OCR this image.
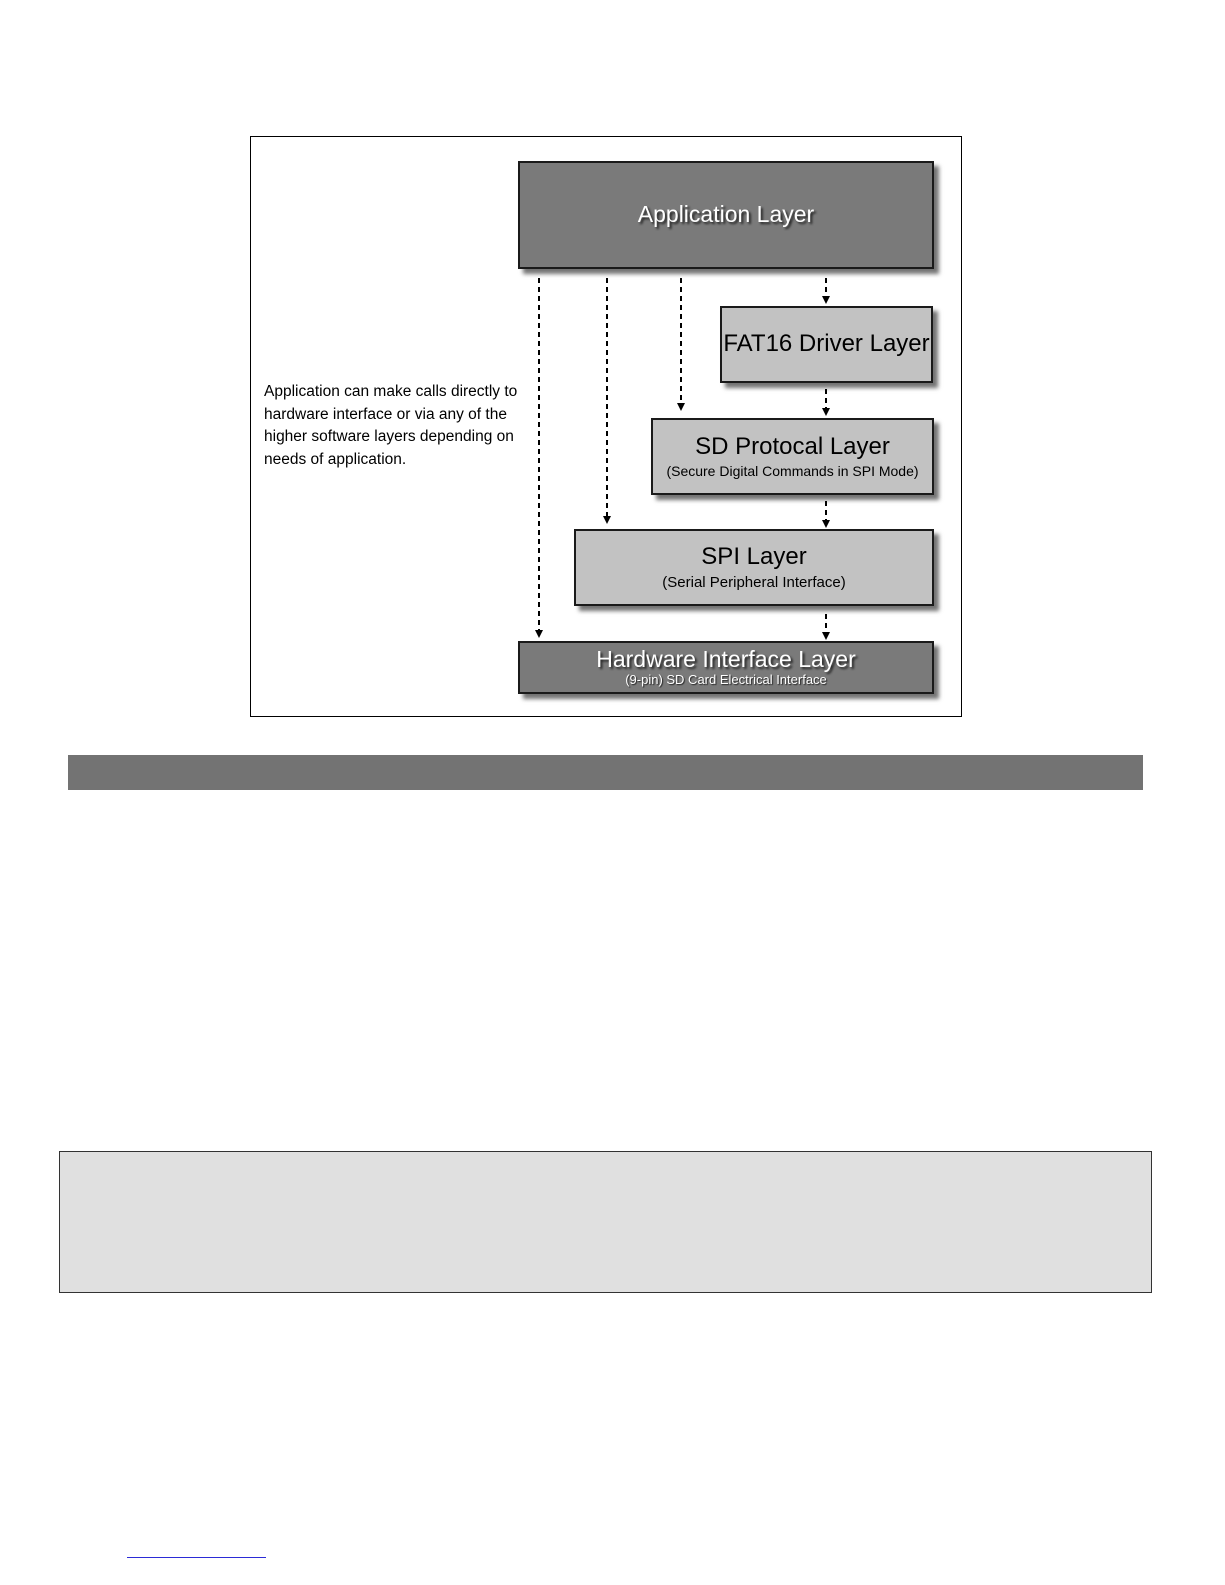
Application Layer
FAT16 Driver Layer
SD Protocal Layer
(Secure Digital Commands in SPI Mode)
SPI Layer
(Serial Peripheral Interface)
Hardware Interface Layer
(9-pin) SD Card Electrical Interface
Application can make calls directly to
hardware interface or via any of the
higher software layers depending on
needs of application.
